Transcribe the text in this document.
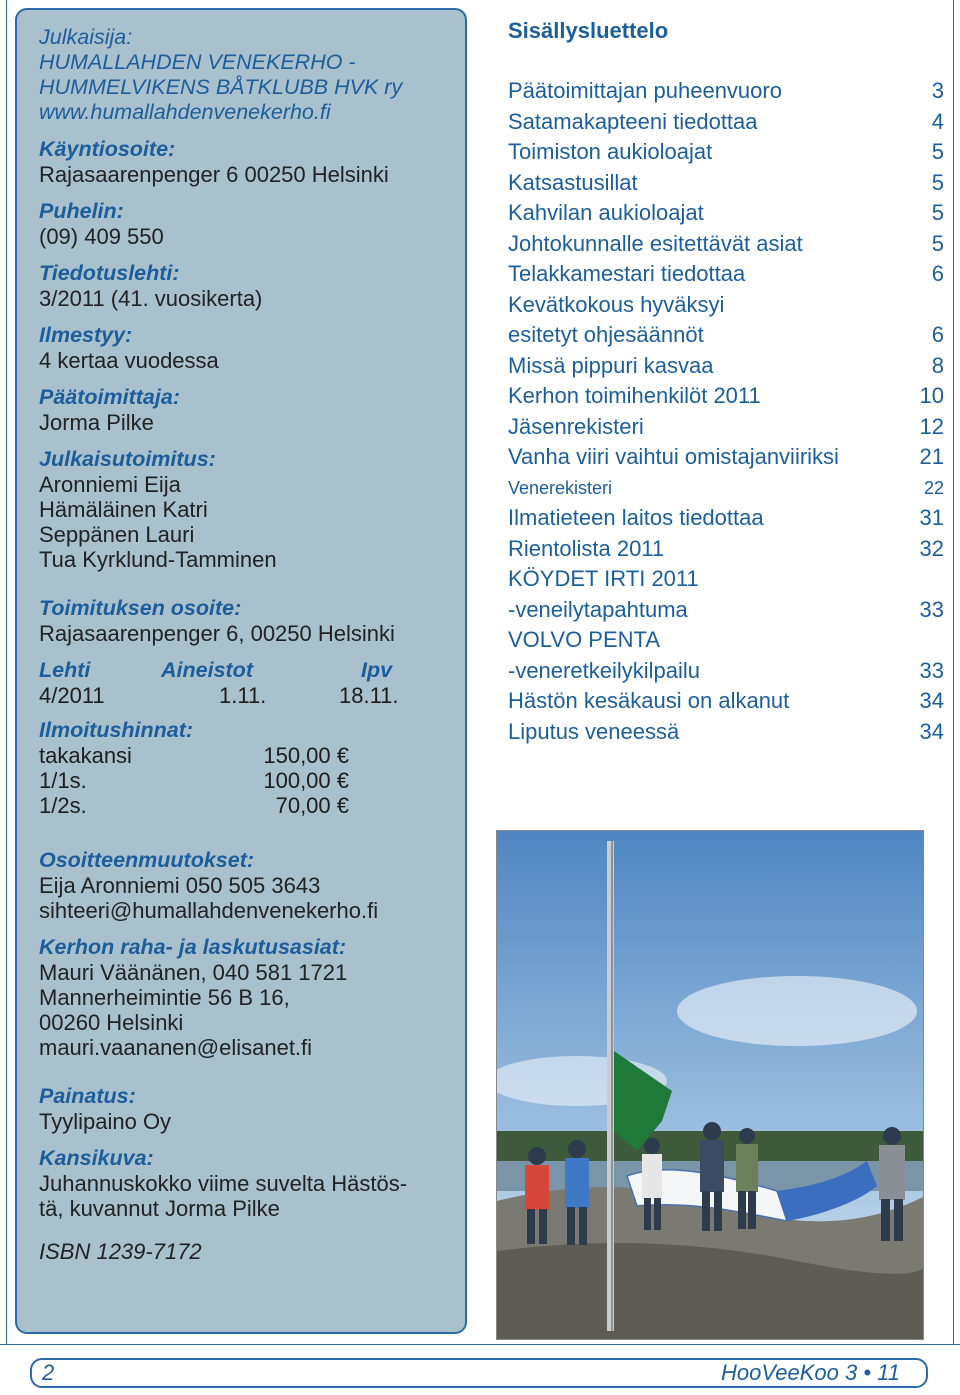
Julkaisija:
HUMALLAHDEN VENEKERHO -
HUMMELVIKENS BÅTKLUBB HVK ry
www.humallahdenvenekerho.fi
Käyntiosoite:
Rajasaarenpenger 6 00250 Helsinki
Puhelin:
(09) 409 550
Tiedotuslehti:
3/2011 (41. vuosikerta)
Ilmestyy:
4 kertaa vuodessa
Päätoimittaja:
Jorma Pilke
Julkaisutoimitus:
Aronniemi Eija
Hämäläinen Katri
Seppänen Lauri
Tua Kyrklund-Tamminen
Toimituksen osoite:
Rajasaarenpenger 6, 00250 Helsinki
Lehti	Aineistot	Ipv
4/2011	1.11.	18.11.
Ilmoitushinnat:
takakansi	150,00 €
1/1s.	100,00 €
1/2s.	70,00 €
Osoitteenmuutokset:
Eija Aronniemi 050 505 3643
sihteeri@humallahdenvenekerho.fi
Kerhon raha- ja laskutusasiat:
Mauri Väänänen, 040 581 1721
Mannerheimintie 56 B 16,
00260 Helsinki
mauri.vaananen@elisanet.fi
Painatus:
Tyylipaino Oy
Kansikuva:
Juhannuskokko viime suvelta Hästös-
tä, kuvannut Jorma Pilke
ISBN 1239-7172
Sisällysluettelo
Päätoimittajan puheenvuoro	3
Satamakapteeni tiedottaa	4
Toimiston aukioloajat	5
Katsastusillat	5
Kahvilan aukioloajat	5
Johtokunnalle esitettävät asiat	5
Telakkamestari tiedottaa	6
Kevätkokous hyväksyi
esitetyt ohjesäännöt	6
Missä pippuri kasvaa	8
Kerhon toimihenkilöt 2011	10
Jäsenrekisteri	12
Vanha viiri vaihtui omistajanviiriksi	21
Venerekisteri	22
Ilmatieteen laitos tiedottaa	31
Rientolista 2011	32
KÖYDET IRTI 2011
-veneilytapahtuma	33
VOLVO PENTA
-veneretkeilykilpailu	33
Hästön kesäkausi on alkanut	34
Liputus veneessä	34
2	HooVeeKoo 3 • 11
